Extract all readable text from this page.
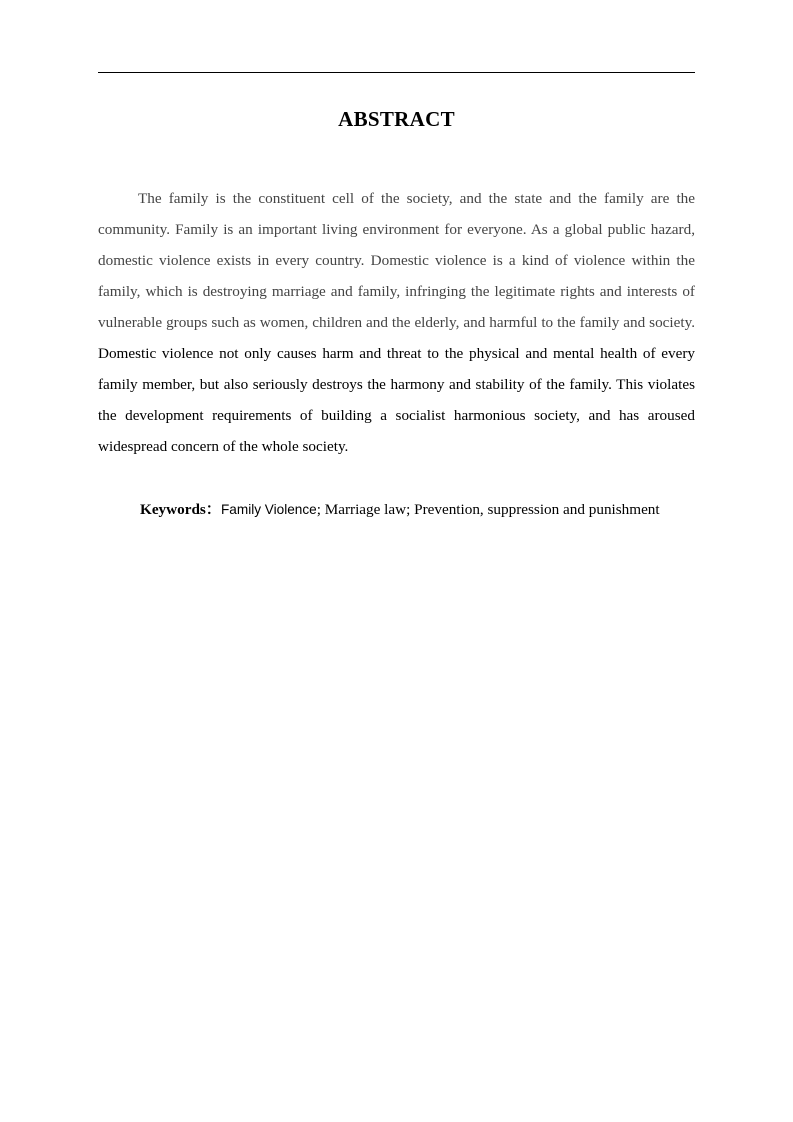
ABSTRACT

The family is the constituent cell of the society, and the state and the family are the community. Family is an important living environment for everyone. As a global public hazard, domestic violence exists in every country. Domestic violence is a kind of violence within the family, which is destroying marriage and family, infringing the legitimate rights and interests of vulnerable groups such as women, children and the elderly, and harmful to the family and society. Domestic violence not only causes harm and threat to the physical and mental health of every family member, but also seriously destroys the harmony and stability of the family. This violates the development requirements of building a socialist harmonious society, and has aroused widespread concern of the whole society.

Keywords：Family Violence; Marriage law; Prevention, suppression and punishment
